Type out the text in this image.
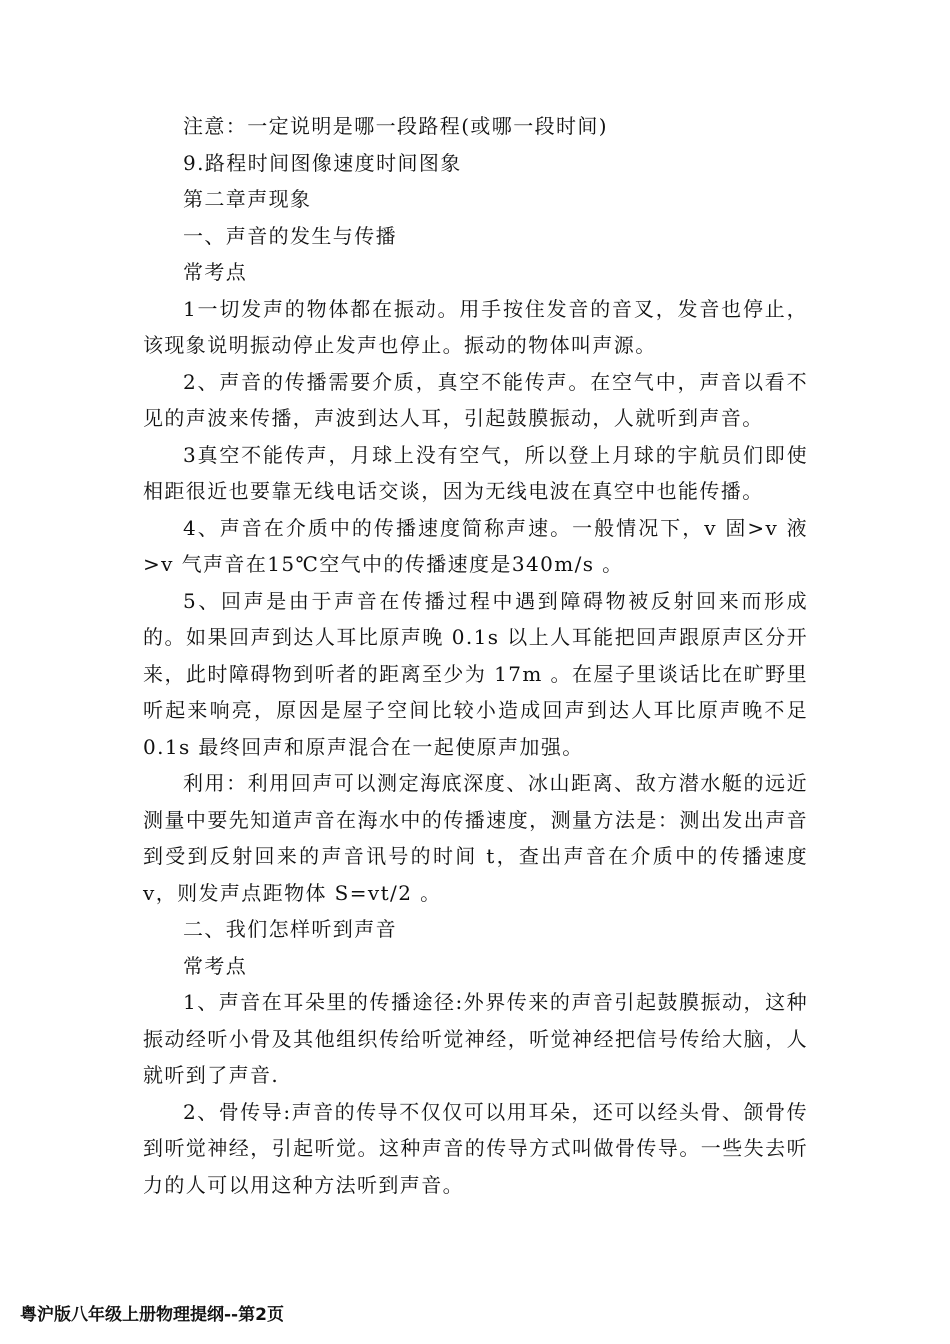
注意：一定说明是哪一段路程(或哪一段时间)

9.路程时间图像速度时间图象

第二章声现象

一、声音的发生与传播

常考点

1一切发声的物体都在振动。用手按住发音的音叉，发音也停止，该现象说明振动停止发声也停止。振动的物体叫声源。

2、声音的传播需要介质，真空不能传声。在空气中，声音以看不见的声波来传播，声波到达人耳，引起鼓膜振动，人就听到声音。

3真空不能传声，月球上没有空气，所以登上月球的宇航员们即使相距很近也要靠无线电话交谈，因为无线电波在真空中也能传播。

4、声音在介质中的传播速度简称声速。一般情况下，v 固>v 液>v 气声音在15℃空气中的传播速度是340m/s 。

5、回声是由于声音在传播过程中遇到障碍物被反射回来而形成的。如果回声到达人耳比原声晚 0.1s 以上人耳能把回声跟原声区分开来，此时障碍物到听者的距离至少为 17m 。在屋子里谈话比在旷野里听起来响亮，原因是屋子空间比较小造成回声到达人耳比原声晚不足 0.1s 最终回声和原声混合在一起使原声加强。

利用：利用回声可以测定海底深度、冰山距离、敌方潜水艇的远近测量中要先知道声音在海水中的传播速度，测量方法是：测出发出声音到受到反射回来的声音讯号的时间 t，查出声音在介质中的传播速度 v，则发声点距物体 S=vt/2 。

二、我们怎样听到声音

常考点

1、声音在耳朵里的传播途径:外界传来的声音引起鼓膜振动，这种振动经听小骨及其他组织传给听觉神经，听觉神经把信号传给大脑，人就听到了声音.

2、骨传导:声音的传导不仅仅可以用耳朵，还可以经头骨、颌骨传到听觉神经，引起听觉。这种声音的传导方式叫做骨传导。一些失去听力的人可以用这种方法听到声音。

粤沪版八年级上册物理提纲--第2页
